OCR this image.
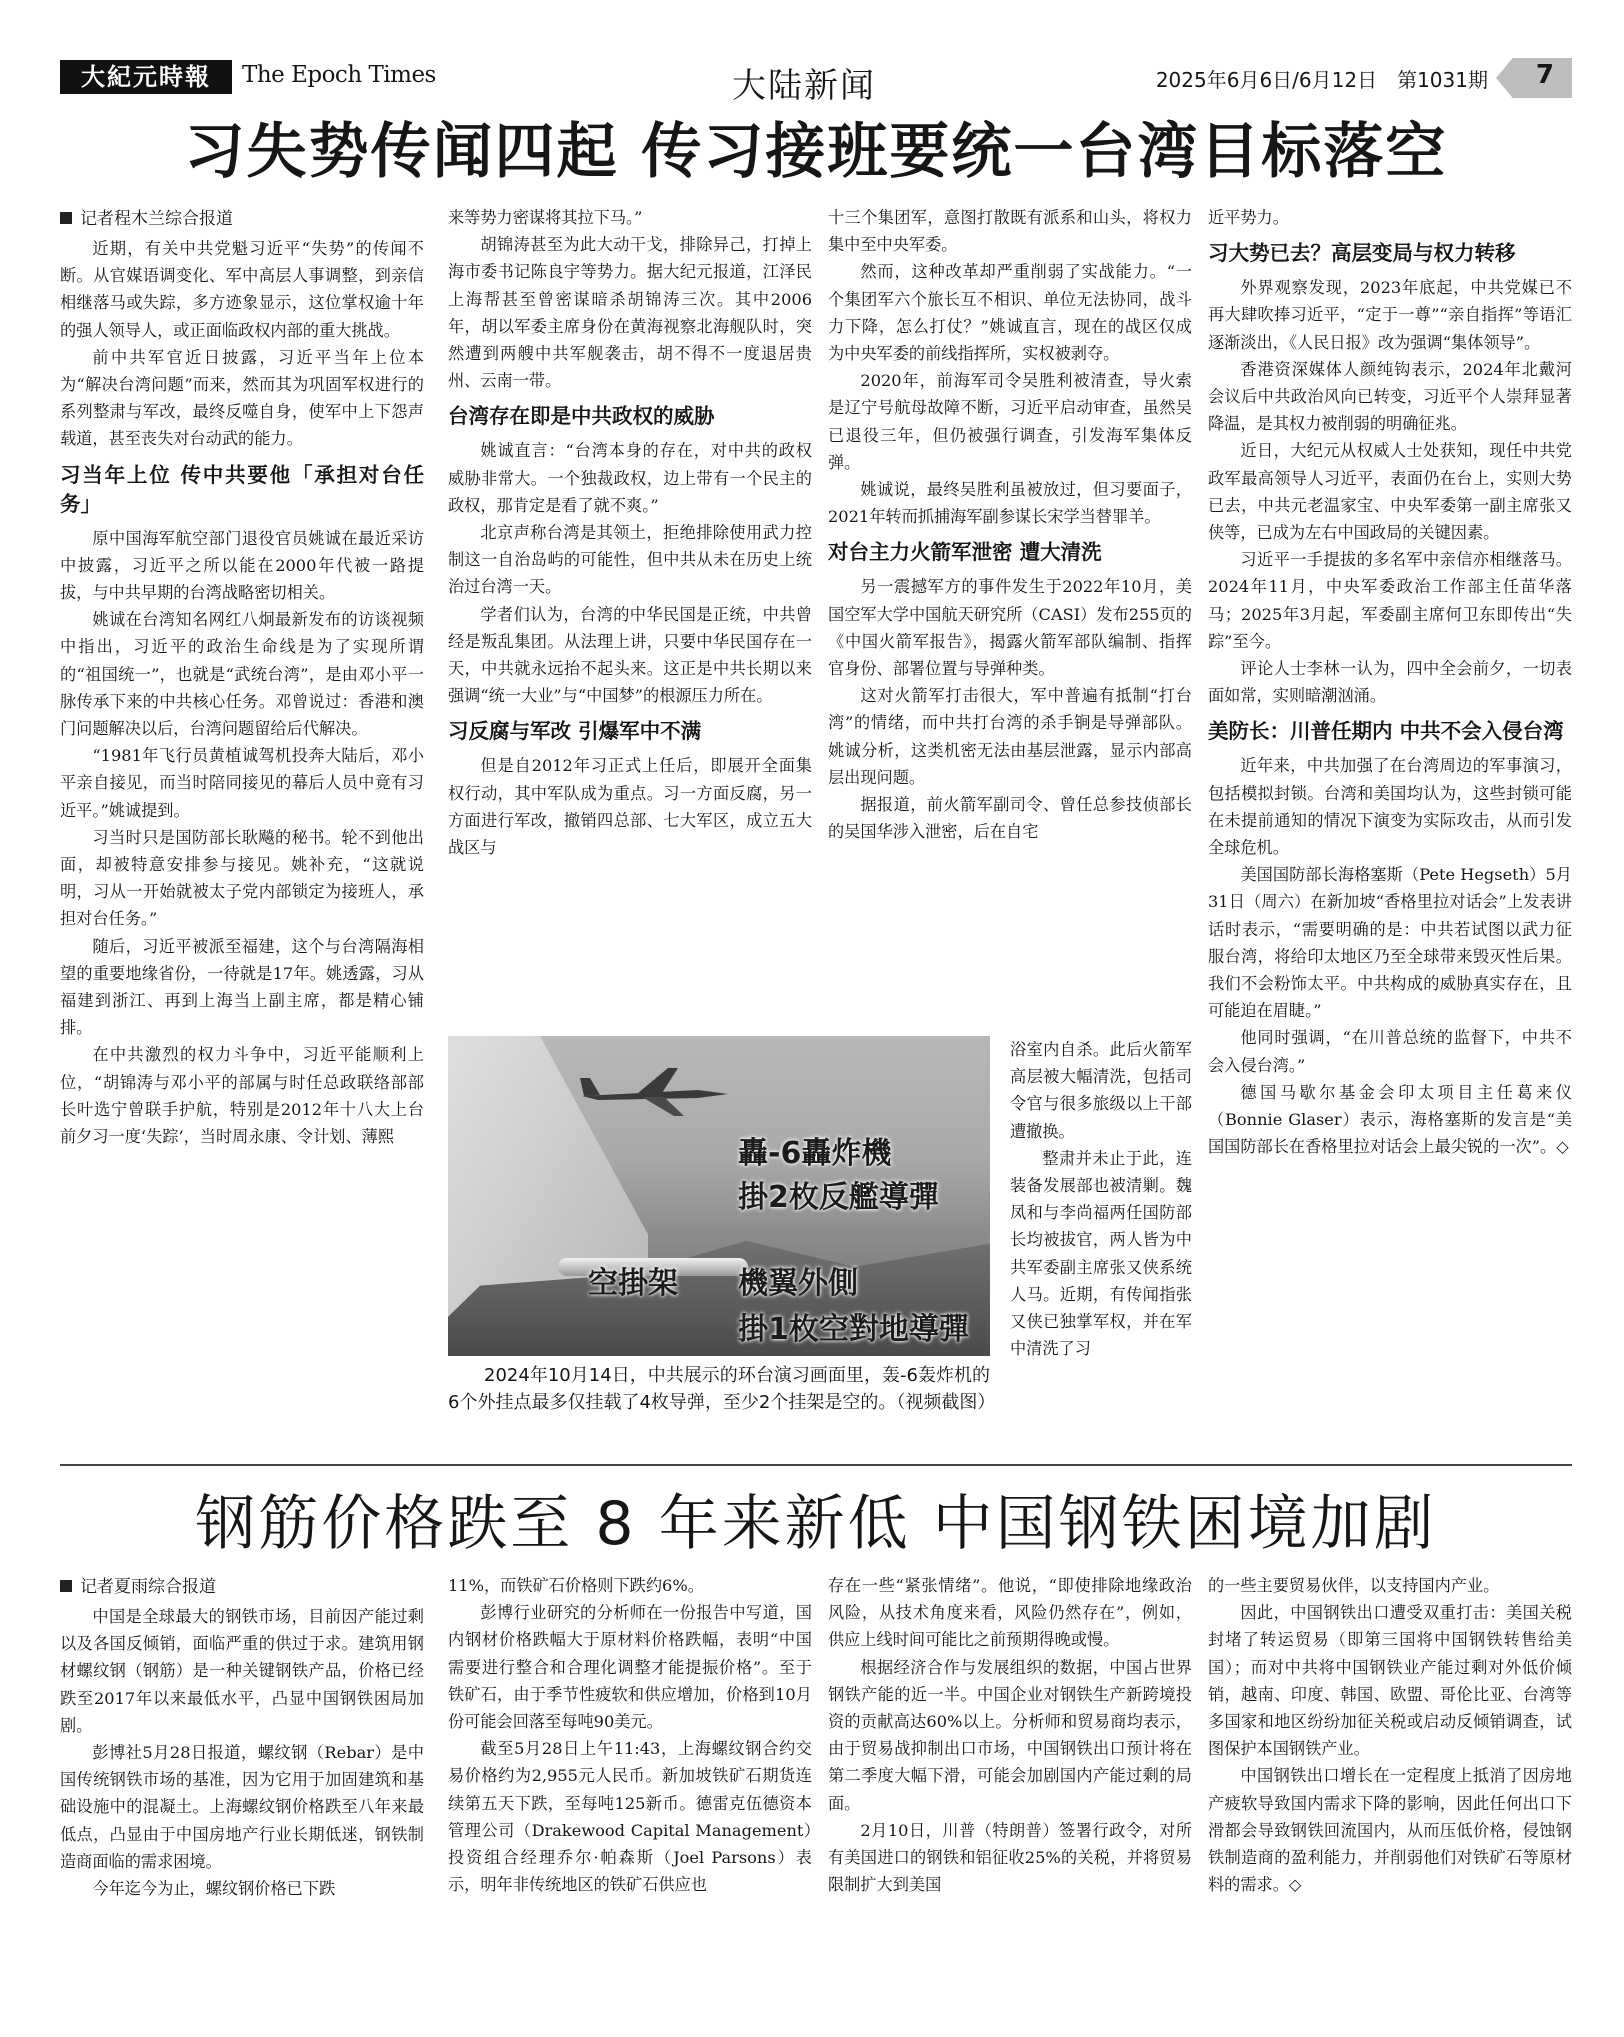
大紀元時報	The Epoch Times	大陆新闻	2025年6月6日/6月12日　第1031期 7
习失势传闻四起 传习接班要统一台湾目标落空
记者程木兰综合报道

近期，有关中共党魁习近平“失势”的传闻不断。从官媒语调变化、军中高层人事调整，到亲信相继落马或失踪，多方迹象显示，这位掌权逾十年的强人领导人，或正面临政权内部的重大挑战。

前中共军官近日披露，习近平当年上位本为“解决台湾问题”而来，然而其为巩固军权进行的系列整肃与军改，最终反噬自身，使军中上下怨声载道，甚至丧失对台动武的能力。

习当年上位 传中共要他「承担对台任务」

原中国海军航空部门退役官员姚诚在最近采访中披露，习近平之所以能在2000年代被一路提拔，与中共早期的台湾战略密切相关。

姚诚在台湾知名网红八炯最新发布的访谈视频中指出，习近平的政治生命线是为了实现所谓的“祖国统一”，也就是“武统台湾”，是由邓小平一脉传承下来的中共核心任务。邓曾说过：香港和澳门问题解决以后，台湾问题留给后代解决。

“1981年飞行员黄植诚驾机投奔大陆后，邓小平亲自接见，而当时陪同接见的幕后人员中竟有习近平。”姚诚提到。

习当时只是国防部长耿飚的秘书。轮不到他出面，却被特意安排参与接见。姚补充，“这就说明，习从一开始就被太子党内部锁定为接班人，承担对台任务。”

随后，习近平被派至福建，这个与台湾隔海相望的重要地缘省份，一待就是17年。姚透露，习从福建到浙江、再到上海当上副主席，都是精心铺排。

在中共激烈的权力斗争中，习近平能顺利上位，“胡锦涛与邓小平的部属与时任总政联络部部长叶选宁曾联手护航，特别是2012年十八大上台前夕习一度‘失踪’，当时周永康、令计划、薄熙

来等势力密谋将其拉下马。”

胡锦涛甚至为此大动干戈，排除异己，打掉上海市委书记陈良宇等势力。据大纪元报道，江泽民上海帮甚至曾密谋暗杀胡锦涛三次。其中2006年，胡以军委主席身份在黄海视察北海舰队时，突然遭到两艘中共军舰袭击，胡不得不一度退居贵州、云南一带。

台湾存在即是中共政权的威胁

姚诚直言：“台湾本身的存在，对中共的政权威胁非常大。一个独裁政权，边上带有一个民主的政权，那肯定是看了就不爽。”

北京声称台湾是其领土，拒绝排除使用武力控制这一自治岛屿的可能性，但中共从未在历史上统治过台湾一天。

学者们认为，台湾的中华民国是正统，中共曾经是叛乱集团。从法理上讲，只要中华民国存在一天，中共就永远抬不起头来。这正是中共长期以来强调“统一大业”与“中国梦”的根源压力所在。

习反腐与军改 引爆军中不满

但是自2012年习正式上任后，即展开全面集权行动，其中军队成为重点。习一方面反腐，另一方面进行军改，撤销四总部、七大军区，成立五大战区与

十三个集团军，意图打散既有派系和山头，将权力集中至中央军委。

然而，这种改革却严重削弱了实战能力。“一个集团军六个旅长互不相识、单位无法协同，战斗力下降，怎么打仗？”姚诚直言，现在的战区仅成为中央军委的前线指挥所，实权被剥夺。

2020年，前海军司令吴胜利被清查，导火索是辽宁号航母故障不断，习近平启动审查，虽然吴已退役三年，但仍被强行调查，引发海军集体反弹。

姚诚说，最终吴胜利虽被放过，但习要面子，2021年转而抓捕海军副参谋长宋学当替罪羊。

对台主力火箭军泄密 遭大清洗

另一震撼军方的事件发生于2022年10月，美国空军大学中国航天研究所（CASI）发布255页的《中国火箭军报告》，揭露火箭军部队编制、指挥官身份、部署位置与导弹种类。

这对火箭军打击很大，军中普遍有抵制“打台湾”的情绪，而中共打台湾的杀手锏是导弹部队。姚诚分析，这类机密无法由基层泄露，显示内部高层出现问题。

据报道，前火箭军副司令、曾任总参技侦部长的吴国华涉入泄密，后在自宅

浴室内自杀。此后火箭军高层被大幅清洗，包括司令官与很多旅级以上干部遭撤换。

整肃并未止于此，连装备发展部也被清剿。魏凤和与李尚福两任国防部长均被拔官，两人皆为中共军委副主席张又侠系统人马。近期，有传闻指张又侠已独掌军权，并在军中清洗了习

近平势力。

习大势已去？高层变局与权力转移

外界观察发现，2023年底起，中共党媒已不再大肆吹捧习近平，“定于一尊”“亲自指挥”等语汇逐渐淡出，《人民日报》改为强调“集体领导”。

香港资深媒体人颜纯钩表示，2024年北戴河会议后中共政治风向已转变，习近平个人崇拜显著降温，是其权力被削弱的明确征兆。

近日，大纪元从权威人士处获知，现任中共党政军最高领导人习近平，表面仍在台上，实则大势已去，中共元老温家宝、中央军委第一副主席张又侠等，已成为左右中国政局的关键因素。

习近平一手提拔的多名军中亲信亦相继落马。2024年11月，中央军委政治工作部主任苗华落马；2025年3月起，军委副主席何卫东即传出“失踪”至今。

评论人士李林一认为，四中全会前夕，一切表面如常，实则暗潮汹涌。

美防长：川普任期内 中共不会入侵台湾

近年来，中共加强了在台湾周边的军事演习，包括模拟封锁。台湾和美国均认为，这些封锁可能在未提前通知的情况下演变为实际攻击，从而引发全球危机。

美国国防部长海格塞斯（Pete Hegseth）5月31日（周六）在新加坡“香格里拉对话会”上发表讲话时表示，“需要明确的是：中共若试图以武力征服台湾，将给印太地区乃至全球带来毁灭性后果。我们不会粉饰太平。中共构成的威胁真实存在，且可能迫在眉睫。”

他同时强调，“在川普总统的监督下，中共不会入侵台湾。”

德国马歇尔基金会印太项目主任葛来仪（Bonnie Glaser）表示，海格塞斯的发言是“美国国防部长在香格里拉对话会上最尖锐的一次”。◇

轟-6轟炸機

掛2枚反艦導彈

空掛架 機翼外側

掛1枚空對地導彈

2024年10月14日，中共展示的环台演习画面里，轰-6轰炸机的6个外挂点最多仅挂载了4枚导弹，至少2个挂架是空的。（视频截图）

钢筋价格跌至 8 年来新低 中国钢铁困境加剧
记者夏雨综合报道

中国是全球最大的钢铁市场，目前因产能过剩以及各国反倾销，面临严重的供过于求。建筑用钢材螺纹钢（钢筋）是一种关键钢铁产品，价格已经跌至2017年以来最低水平，凸显中国钢铁困局加剧。

彭博社5月28日报道，螺纹钢（Rebar）是中国传统钢铁市场的基准，因为它用于加固建筑和基础设施中的混凝土。上海螺纹钢价格跌至八年来最低点，凸显由于中国房地产行业长期低迷，钢铁制造商面临的需求困境。

今年迄今为止，螺纹钢价格已下跌

11%，而铁矿石价格则下跌约6%。

彭博行业研究的分析师在一份报告中写道，国内钢材价格跌幅大于原材料价格跌幅，表明“中国需要进行整合和合理化调整才能提振价格”。至于铁矿石，由于季节性疲软和供应增加，价格到10月份可能会回落至每吨90美元。

截至5月28日上午11:43，上海螺纹钢合约交易价格约为2,955元人民币。新加坡铁矿石期货连续第五天下跌，至每吨125新币。德雷克伍德资本管理公司（Drakewood Capital Management）投资组合经理乔尔·帕森斯（Joel Parsons）表示，明年非传统地区的铁矿石供应也

存在一些“紧张情绪”。他说，“即使排除地缘政治风险，从技术角度来看，风险仍然存在”，例如，供应上线时间可能比之前预期得晚或慢。

根据经济合作与发展组织的数据，中国占世界钢铁产能的近一半。中国企业对钢铁生产新跨境投资的贡献高达60%以上。分析师和贸易商均表示，由于贸易战抑制出口市场，中国钢铁出口预计将在第二季度大幅下滑，可能会加剧国内产能过剩的局面。

2月10日，川普（特朗普）签署行政令，对所有美国进口的钢铁和铝征收25%的关税，并将贸易限制扩大到美国

的一些主要贸易伙伴，以支持国内产业。

因此，中国钢铁出口遭受双重打击：美国关税封堵了转运贸易（即第三国将中国钢铁转售给美国）；而对中共将中国钢铁业产能过剩对外低价倾销，越南、印度、韩国、欧盟、哥伦比亚、台湾等多国家和地区纷纷加征关税或启动反倾销调查，试图保护本国钢铁产业。

中国钢铁出口增长在一定程度上抵消了因房地产疲软导致国内需求下降的影响，因此任何出口下滑都会导致钢铁回流国内，从而压低价格，侵蚀钢铁制造商的盈利能力，并削弱他们对铁矿石等原材料的需求。◇
